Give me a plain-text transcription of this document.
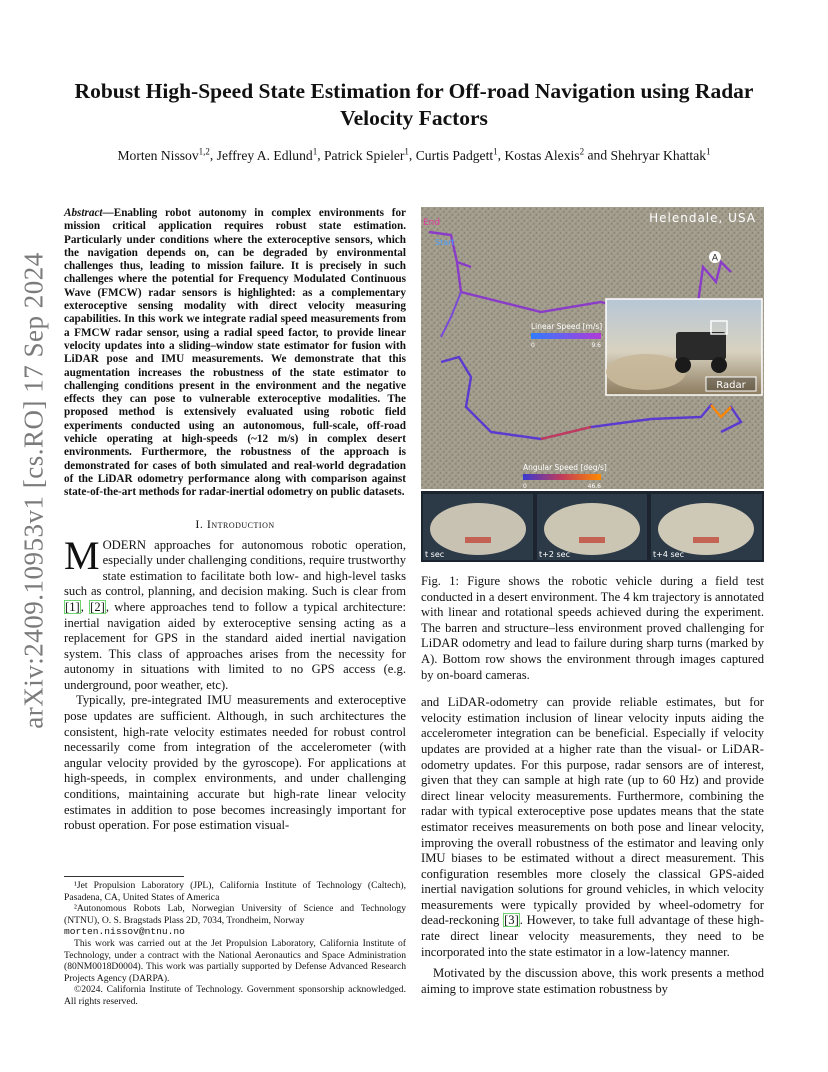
arXiv:2409.10953v1 [cs.RO] 17 Sep 2024
Robust High-Speed State Estimation for Off-road Navigation using Radar Velocity Factors
Morten Nissov$^{1,2}$, Jeffrey A. Edlund$^1$, Patrick Spieler$^1$, Curtis Padgett$^1$, Kostas Alexis$^2$ and Shehryar Khattak$^1$
Abstract—Enabling robot autonomy in complex environments for mission critical application requires robust state estimation. Particularly under conditions where the exteroceptive sensors, which the navigation depends on, can be degraded by environmental challenges thus, leading to mission failure. It is precisely in such challenges where the potential for Frequency Modulated Continuous Wave (FMCW) radar sensors is highlighted: as a complementary exteroceptive sensing modality with direct velocity measuring capabilities. In this work we integrate radial speed measurements from a FMCW radar sensor, using a radial speed factor, to provide linear velocity updates into a sliding–window state estimator for fusion with LiDAR pose and IMU measurements. We demonstrate that this augmentation increases the robustness of the state estimator to challenging conditions present in the environment and the negative effects they can pose to vulnerable exteroceptive modalities. The proposed method is extensively evaluated using robotic field experiments conducted using an autonomous, full-scale, off-road vehicle operating at high-speeds (~12 m/s) in complex desert environments. Furthermore, the robustness of the approach is demonstrated for cases of both simulated and real-world degradation of the LiDAR odometry performance along with comparison against state-of-the-art methods for radar-inertial odometry on public datasets.
I. Introduction

MODERN approaches for autonomous robotic operation, especially under challenging conditions, require trustworthy state estimation to facilitate both low- and high-level tasks such as control, planning, and decision making. Such is clear from [1], [2], where approaches tend to follow a typical architecture: inertial navigation aided by exteroceptive sensing acting as a replacement for GPS in the standard aided inertial navigation system. This class of approaches arises from the necessity for autonomy in situations with limited to no GPS access (e.g. underground, poor weather, etc).

Typically, pre-integrated IMU measurements and exteroceptive pose updates are sufficient. Although, in such architectures the consistent, high-rate velocity estimates needed for robust control necessarily come from integration of the accelerometer (with angular velocity provided by the gyroscope). For applications at high-speeds, in complex environments, and under challenging conditions, maintaining accurate but high-rate linear velocity estimates in addition to pose becomes increasingly important for robust operation. For pose estimation visual-

¹Jet Propulsion Laboratory (JPL), California Institute of Technology (Caltech), Pasadena, CA, United States of America

²Autonomous Robots Lab, Norwegian University of Science and Technology (NTNU), O. S. Bragstads Plass 2D, 7034, Trondheim, Norway

morten.nissov@ntnu.no

This work was carried out at the Jet Propulsion Laboratory, California Institute of Technology, under a contract with the National Aeronautics and Space Administration (80NM0018D0004). This work was partially supported by Defense Advanced Research Projects Agency (DARPA).

©2024. California Institute of Technology. Government sponsorship acknowledged. All rights reserved.

End
Start
Helendale, USA
A
Linear Speed [m/s]
0	9.6
Radar
Angular Speed [deg/s]
0	46.6
t sec	t+2 sec	t+4 sec
Fig. 1: Figure shows the robotic vehicle during a field test conducted in a desert environment. The 4 km trajectory is annotated with linear and rotational speeds achieved during the experiment. The barren and structure–less environment proved challenging for LiDAR odometry and lead to failure during sharp turns (marked by A). Bottom row shows the environment through images captured by on-board cameras.

and LiDAR-odometry can provide reliable estimates, but for velocity estimation inclusion of linear velocity inputs aiding the accelerometer integration can be beneficial. Especially if velocity updates are provided at a higher rate than the visual- or LiDAR-odometry updates. For this purpose, radar sensors are of interest, given that they can sample at high rate (up to 60 Hz) and provide direct linear velocity measurements. Furthermore, combining the radar with typical exteroceptive pose updates means that the state estimator receives measurements on both pose and linear velocity, improving the overall robustness of the estimator and leaving only IMU biases to be estimated without a direct measurement. This configuration resembles more closely the classical GPS-aided inertial navigation solutions for ground vehicles, in which velocity measurements were typically provided by wheel-odometry for dead-reckoning [3]. However, to take full advantage of these high-rate direct linear velocity measurements, they need to be incorporated into the state estimator in a low-latency manner.

Motivated by the discussion above, this work presents a method aiming to improve state estimation robustness by
